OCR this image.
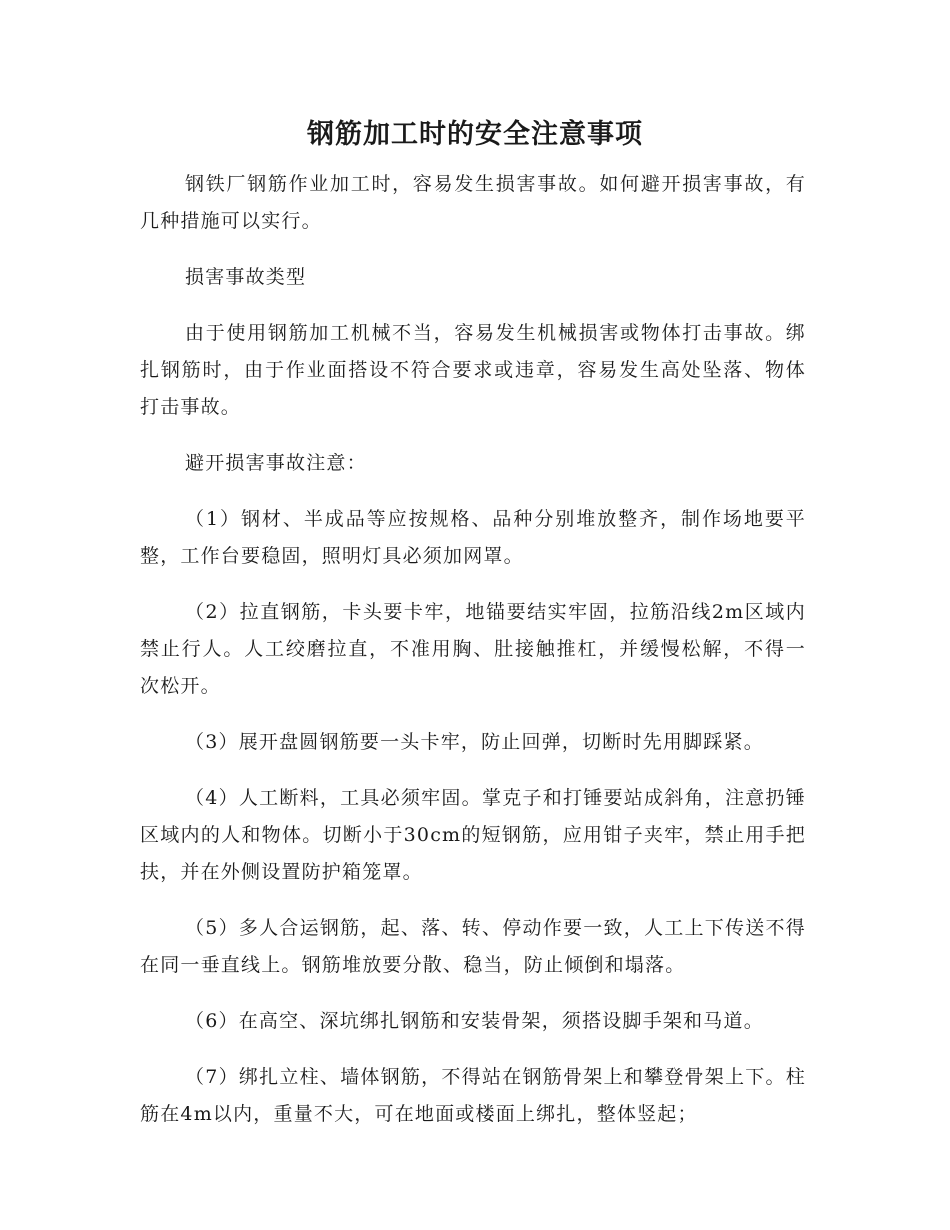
钢筋加工时的安全注意事项

钢铁厂钢筋作业加工时，容易发生损害事故。如何避开损害事故，有几种措施可以实行。

损害事故类型

由于使用钢筋加工机械不当，容易发生机械损害或物体打击事故。绑扎钢筋时，由于作业面搭设不符合要求或违章，容易发生高处坠落、物体打击事故。

避开损害事故注意：

（1）钢材、半成品等应按规格、品种分别堆放整齐，制作场地要平整，工作台要稳固，照明灯具必须加网罩。

（2）拉直钢筋，卡头要卡牢，地锚要结实牢固，拉筋沿线2m区域内禁止行人。人工绞磨拉直，不准用胸、肚接触推杠，并缓慢松解，不得一次松开。

（3）展开盘圆钢筋要一头卡牢，防止回弹，切断时先用脚踩紧。

（4）人工断料，工具必须牢固。掌克子和打锤要站成斜角，注意扔锤区域内的人和物体。切断小于30cm的短钢筋，应用钳子夹牢，禁止用手把扶，并在外侧设置防护箱笼罩。

（5）多人合运钢筋，起、落、转、停动作要一致，人工上下传送不得在同一垂直线上。钢筋堆放要分散、稳当，防止倾倒和塌落。

（6）在高空、深坑绑扎钢筋和安装骨架，须搭设脚手架和马道。

（7）绑扎立柱、墙体钢筋，不得站在钢筋骨架上和攀登骨架上下。柱筋在4m以内，重量不大，可在地面或楼面上绑扎，整体竖起；
